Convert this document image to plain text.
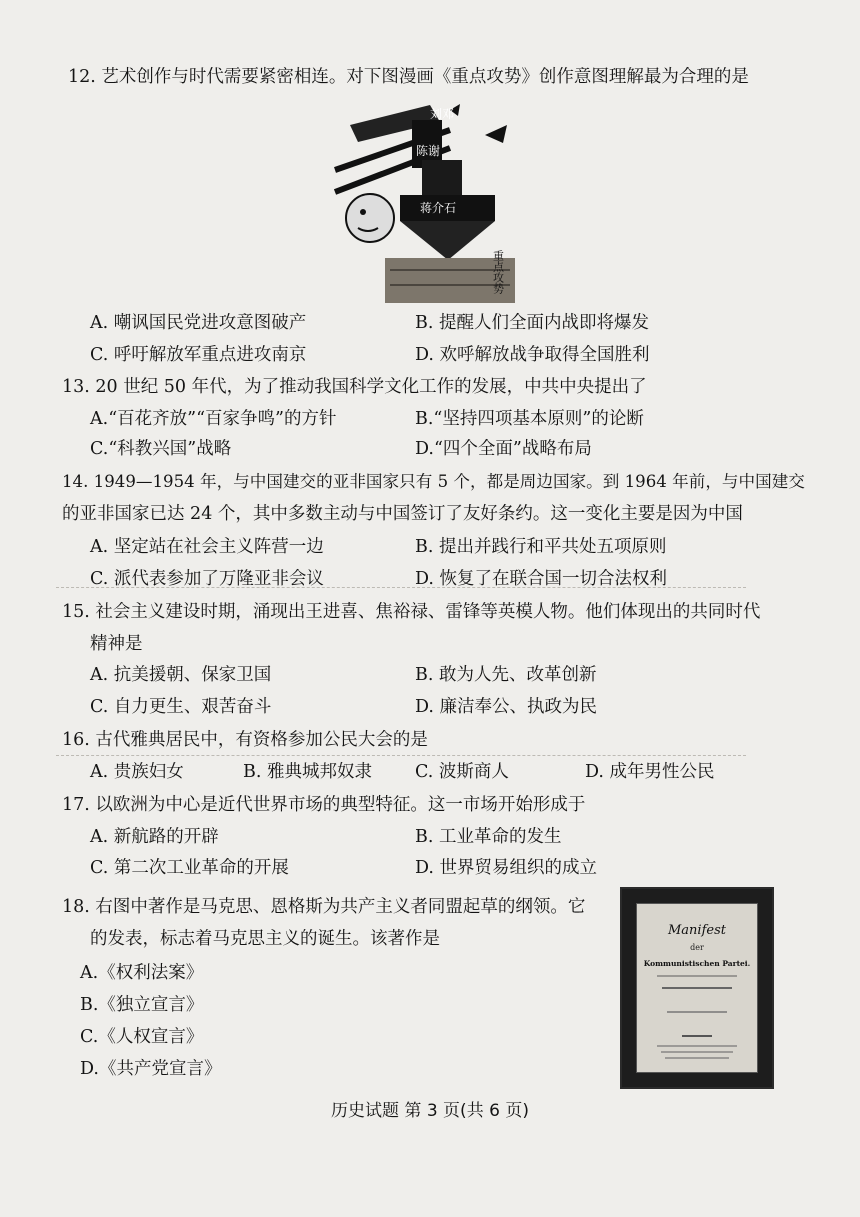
12. 艺术创作与时代需要紧密相连。对下图漫画《重点攻势》创作意图理解最为合理的是
刘邓
陈谢
蒋介石
重点攻势
A. 嘲讽国民党进攻意图破产	B. 提醒人们全面内战即将爆发
C. 呼吁解放军重点进攻南京	D. 欢呼解放战争取得全国胜利
13. 20 世纪 50 年代，为了推动我国科学文化工作的发展，中共中央提出了
A.“百花齐放”“百家争鸣”的方针	B.“坚持四项基本原则”的论断
C.“科教兴国”战略	D.“四个全面”战略布局
14. 1949—1954 年，与中国建交的亚非国家只有 5 个，都是周边国家。到 1964 年前，与中国建交
的亚非国家已达 24 个，其中多数主动与中国签订了友好条约。这一变化主要是因为中国
A. 坚定站在社会主义阵营一边	B. 提出并践行和平共处五项原则
C. 派代表参加了万隆亚非会议	D. 恢复了在联合国一切合法权利
15. 社会主义建设时期，涌现出王进喜、焦裕禄、雷锋等英模人物。他们体现出的共同时代
精神是
A. 抗美援朝、保家卫国	B. 敢为人先、改革创新
C. 自力更生、艰苦奋斗	D. 廉洁奉公、执政为民
16. 古代雅典居民中，有资格参加公民大会的是
A. 贵族妇女	B. 雅典城邦奴隶 C. 波斯商人	D. 成年男性公民
17. 以欧洲为中心是近代世界市场的典型特征。这一市场开始形成于
A. 新航路的开辟	B. 工业革命的发生
C. 第二次工业革命的开展	D. 世界贸易组织的成立
18. 右图中著作是马克思、恩格斯为共产主义者同盟起草的纲领。它
的发表，标志着马克思主义的诞生。该著作是
A.《权利法案》
B.《独立宣言》
C.《人权宣言》
D.《共产党宣言》
Manifest
der
Kommunistischen Partei.
历史试题 第 3 页(共 6 页)
